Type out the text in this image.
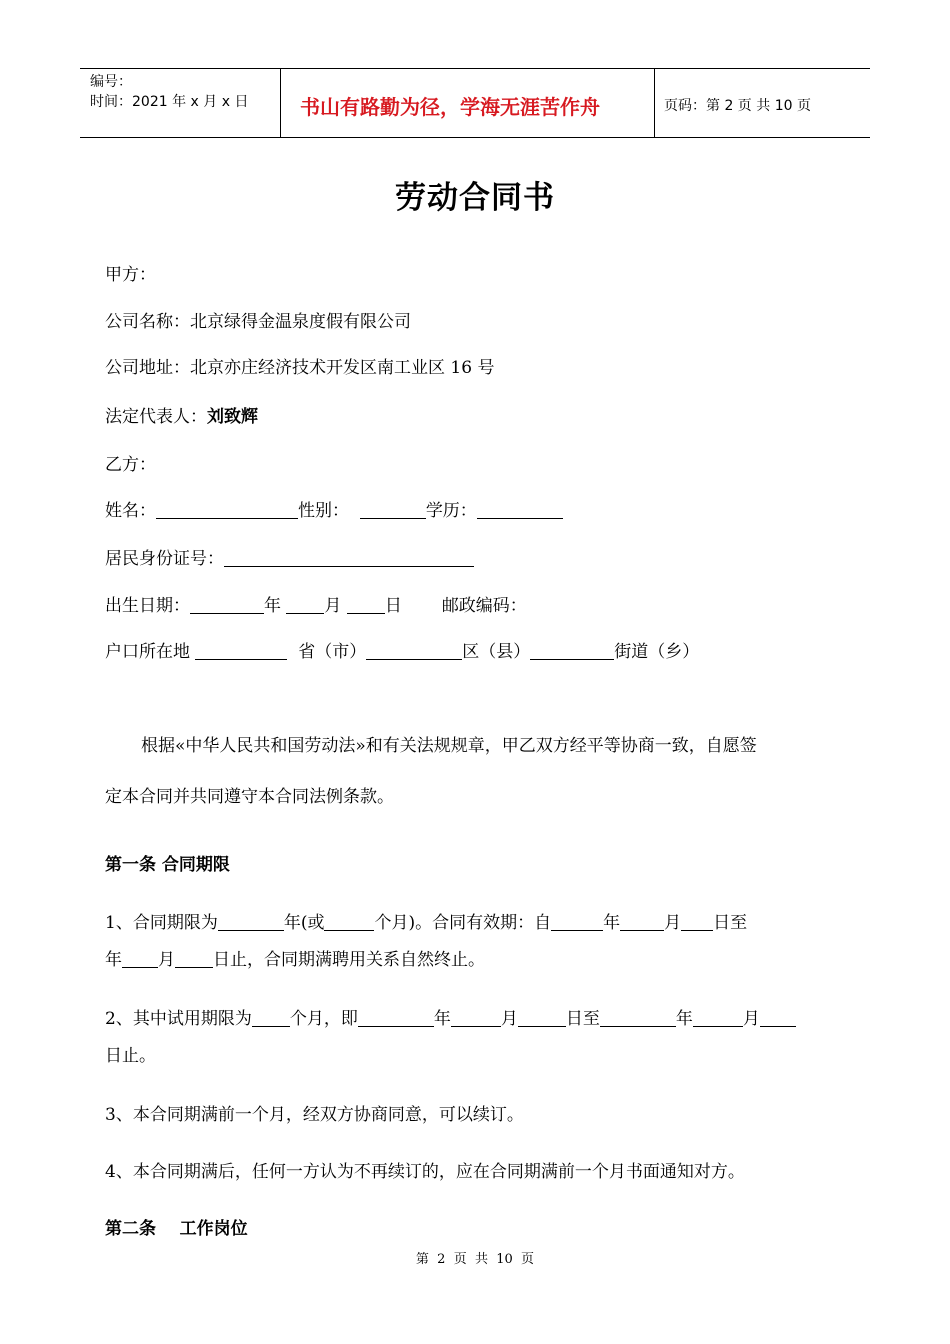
编号：
时间：2021 年 x 月 x 日	书山有路勤为径，学海无涯苦作舟	页码：第 2 页 共 10 页
劳动合同书
甲方：
公司名称：北京绿得金温泉度假有限公司
公司地址：北京亦庄经济技术开发区南工业区 16 号
法定代表人：刘致辉
乙方：
姓名：	性别：	学历：
居民身份证号：
出生日期：	年	月	日 邮政编码：
户口所在地	省（市）	区（县）	街道（乡）
根据«中华人民共和国劳动法»和有关法规规章，甲乙双方经平等协商一致，自愿签
定本合同并共同遵守本合同法例条款。
第一条 合同期限
1、合同期限为	年(或	个月)。合同有效期：自	年	月 日至
年 月 日止，合同期满聘用关系自然终止。
2、其中试用期限为 个月，即	年	月	日至	年	月
日止。
3、本合同期满前一个月，经双方协商同意，可以续订。
4、本合同期满后，任何一方认为不再续订的，应在合同期满前一个月书面通知对方。
第二条    工作岗位
第  2  页  共  10  页
